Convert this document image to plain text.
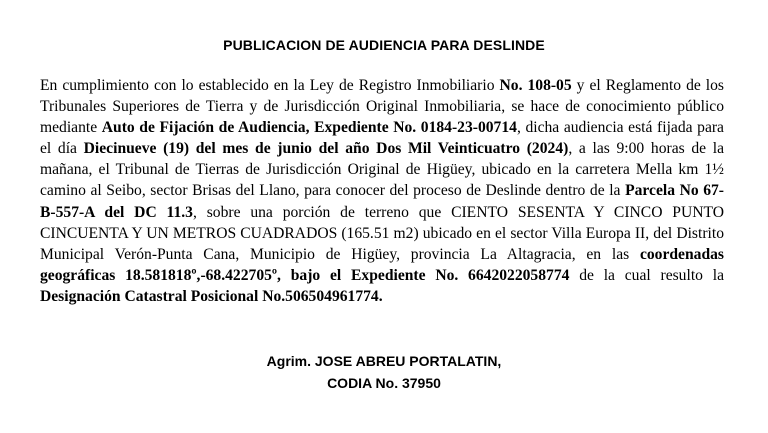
PUBLICACION DE AUDIENCIA PARA DESLINDE
En cumplimiento con lo establecido en la Ley de Registro Inmobiliario No. 108-05 y el Reglamento de los Tribunales Superiores de Tierra y de Jurisdicción Original Inmobiliaria, se hace de conocimiento público mediante Auto de Fijación de Audiencia, Expediente No. 0184-23-00714, dicha audiencia está fijada para el día Diecinueve (19) del mes de junio del año Dos Mil Veinticuatro (2024), a las 9:00 horas de la mañana, el Tribunal de Tierras de Jurisdicción Original de Higüey, ubicado en la carretera Mella km 1½ camino al Seibo, sector Brisas del Llano, para conocer del proceso de Deslinde dentro de la Parcela No 67-B-557-A del DC 11.3, sobre una porción de terreno que CIENTO SESENTA Y CINCO PUNTO CINCUENTA Y UN METROS CUADRADOS (165.51 m2) ubicado en el sector Villa Europa II, del Distrito Municipal Verón-Punta Cana, Municipio de Higüey, provincia La Altagracia, en las coordenadas geográficas 18.581818º,-68.422705º, bajo el Expediente No. 6642022058774 de la cual resulto la Designación Catastral Posicional No.506504961774.
Agrim. JOSE ABREU PORTALATIN,
CODIA No. 37950
